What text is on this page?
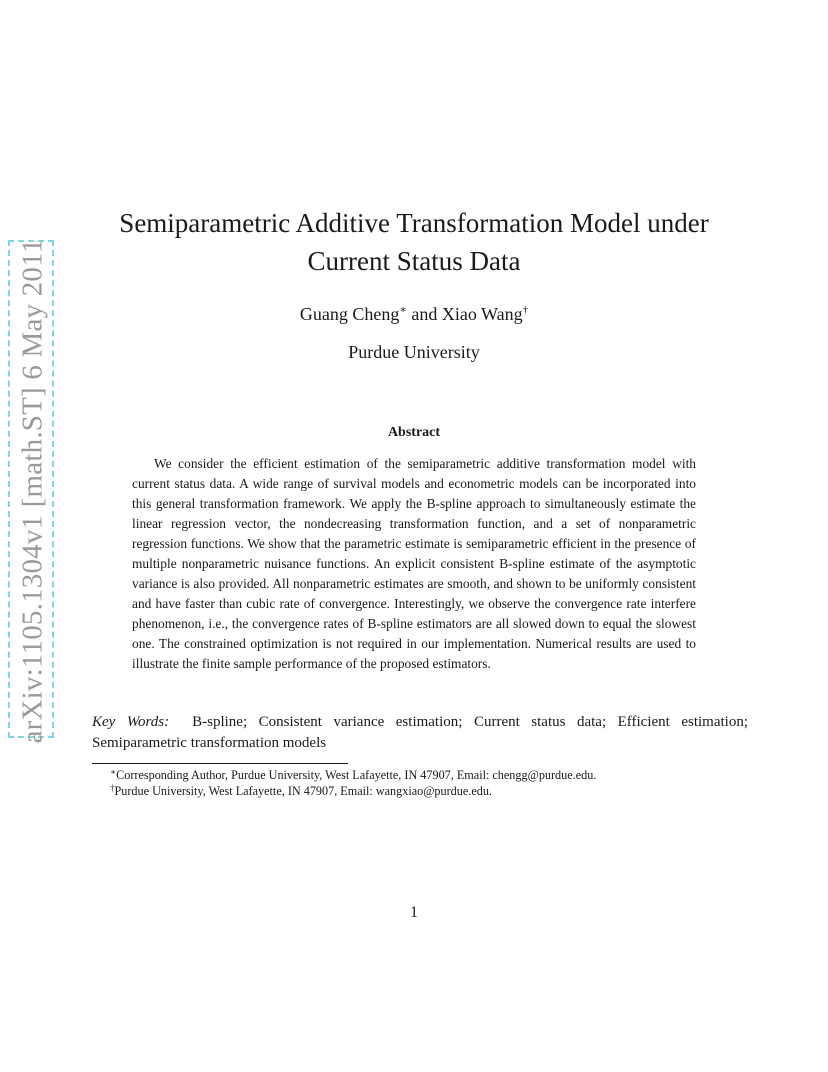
arXiv:1105.1304v1 [math.ST] 6 May 2011
Semiparametric Additive Transformation Model under
Current Status Data
Guang Cheng∗ and Xiao Wang†
Purdue University
Abstract

We consider the efficient estimation of the semiparametric additive transformation model with current status data. A wide range of survival models and econometric models can be incorporated into this general transformation framework. We apply the B-spline approach to simultaneously estimate the linear regression vector, the nondecreasing transformation function, and a set of nonparametric regression functions. We show that the parametric estimate is semiparametric efficient in the presence of multiple nonparametric nuisance functions. An explicit consistent B-spline estimate of the asymptotic variance is also provided. All nonparametric estimates are smooth, and shown to be uniformly consistent and have faster than cubic rate of convergence. Interestingly, we observe the convergence rate interfere phenomenon, i.e., the convergence rates of B-spline estimators are all slowed down to equal the slowest one. The constrained optimization is not required in our implementation. Numerical results are used to illustrate the finite sample performance of the proposed estimators.

Key Words: B-spline; Consistent variance estimation; Current status data; Efficient estimation; Semiparametric transformation models

∗Corresponding Author, Purdue University, West Lafayette, IN 47907, Email: chengg@purdue.edu.

†Purdue University, West Lafayette, IN 47907, Email: wangxiao@purdue.edu.

1
